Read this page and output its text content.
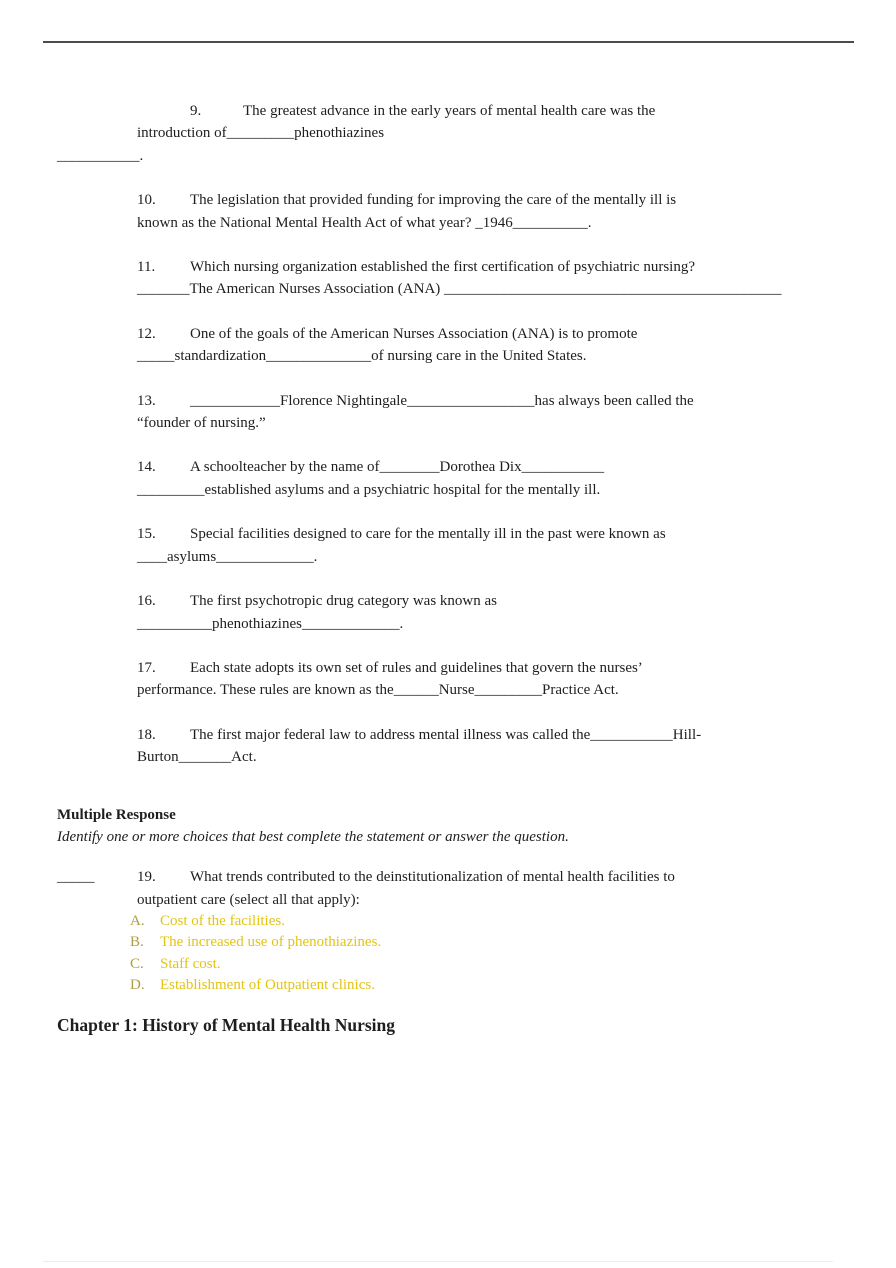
9.	The greatest advance in the early years of mental health care was the
introduction of_________phenothiazines
___________.
10. The legislation that provided funding for improving the care of the mentally ill is
known as the National Mental Health Act of what year? _1946__________.
11. Which nursing organization established the first certification of psychiatric nursing?
_______The American Nurses Association (ANA) _____________________________________________
12. One of the goals of the American Nurses Association (ANA) is to promote
_____standardization______________of nursing care in the United States.
13. ____________Florence Nightingale_________________has always been called the
“founder of nursing.”
14. A schoolteacher by the name of________Dorothea Dix___________
_________established asylums and a psychiatric hospital for the mentally ill.
15. Special facilities designed to care for the mentally ill in the past were known as
____asylums_____________.
16. The first psychotropic drug category was known as
__________phenothiazines_____________.
17. Each state adopts its own set of rules and guidelines that govern the nurses’
performance. These rules are known as the______Nurse_________Practice Act.
18. The first major federal law to address mental illness was called the___________Hill-
Burton_______Act.
Multiple Response
Identify one or more choices that best complete the statement or answer the question.
_____	19. What trends contributed to the deinstitutionalization of mental health facilities to
outpatient care (select all that apply):
A. Cost of the facilities.
B. The increased use of phenothiazines.
C. Staff cost.
D. Establishment of Outpatient clinics.
Chapter 1: History of Mental Health Nursing
